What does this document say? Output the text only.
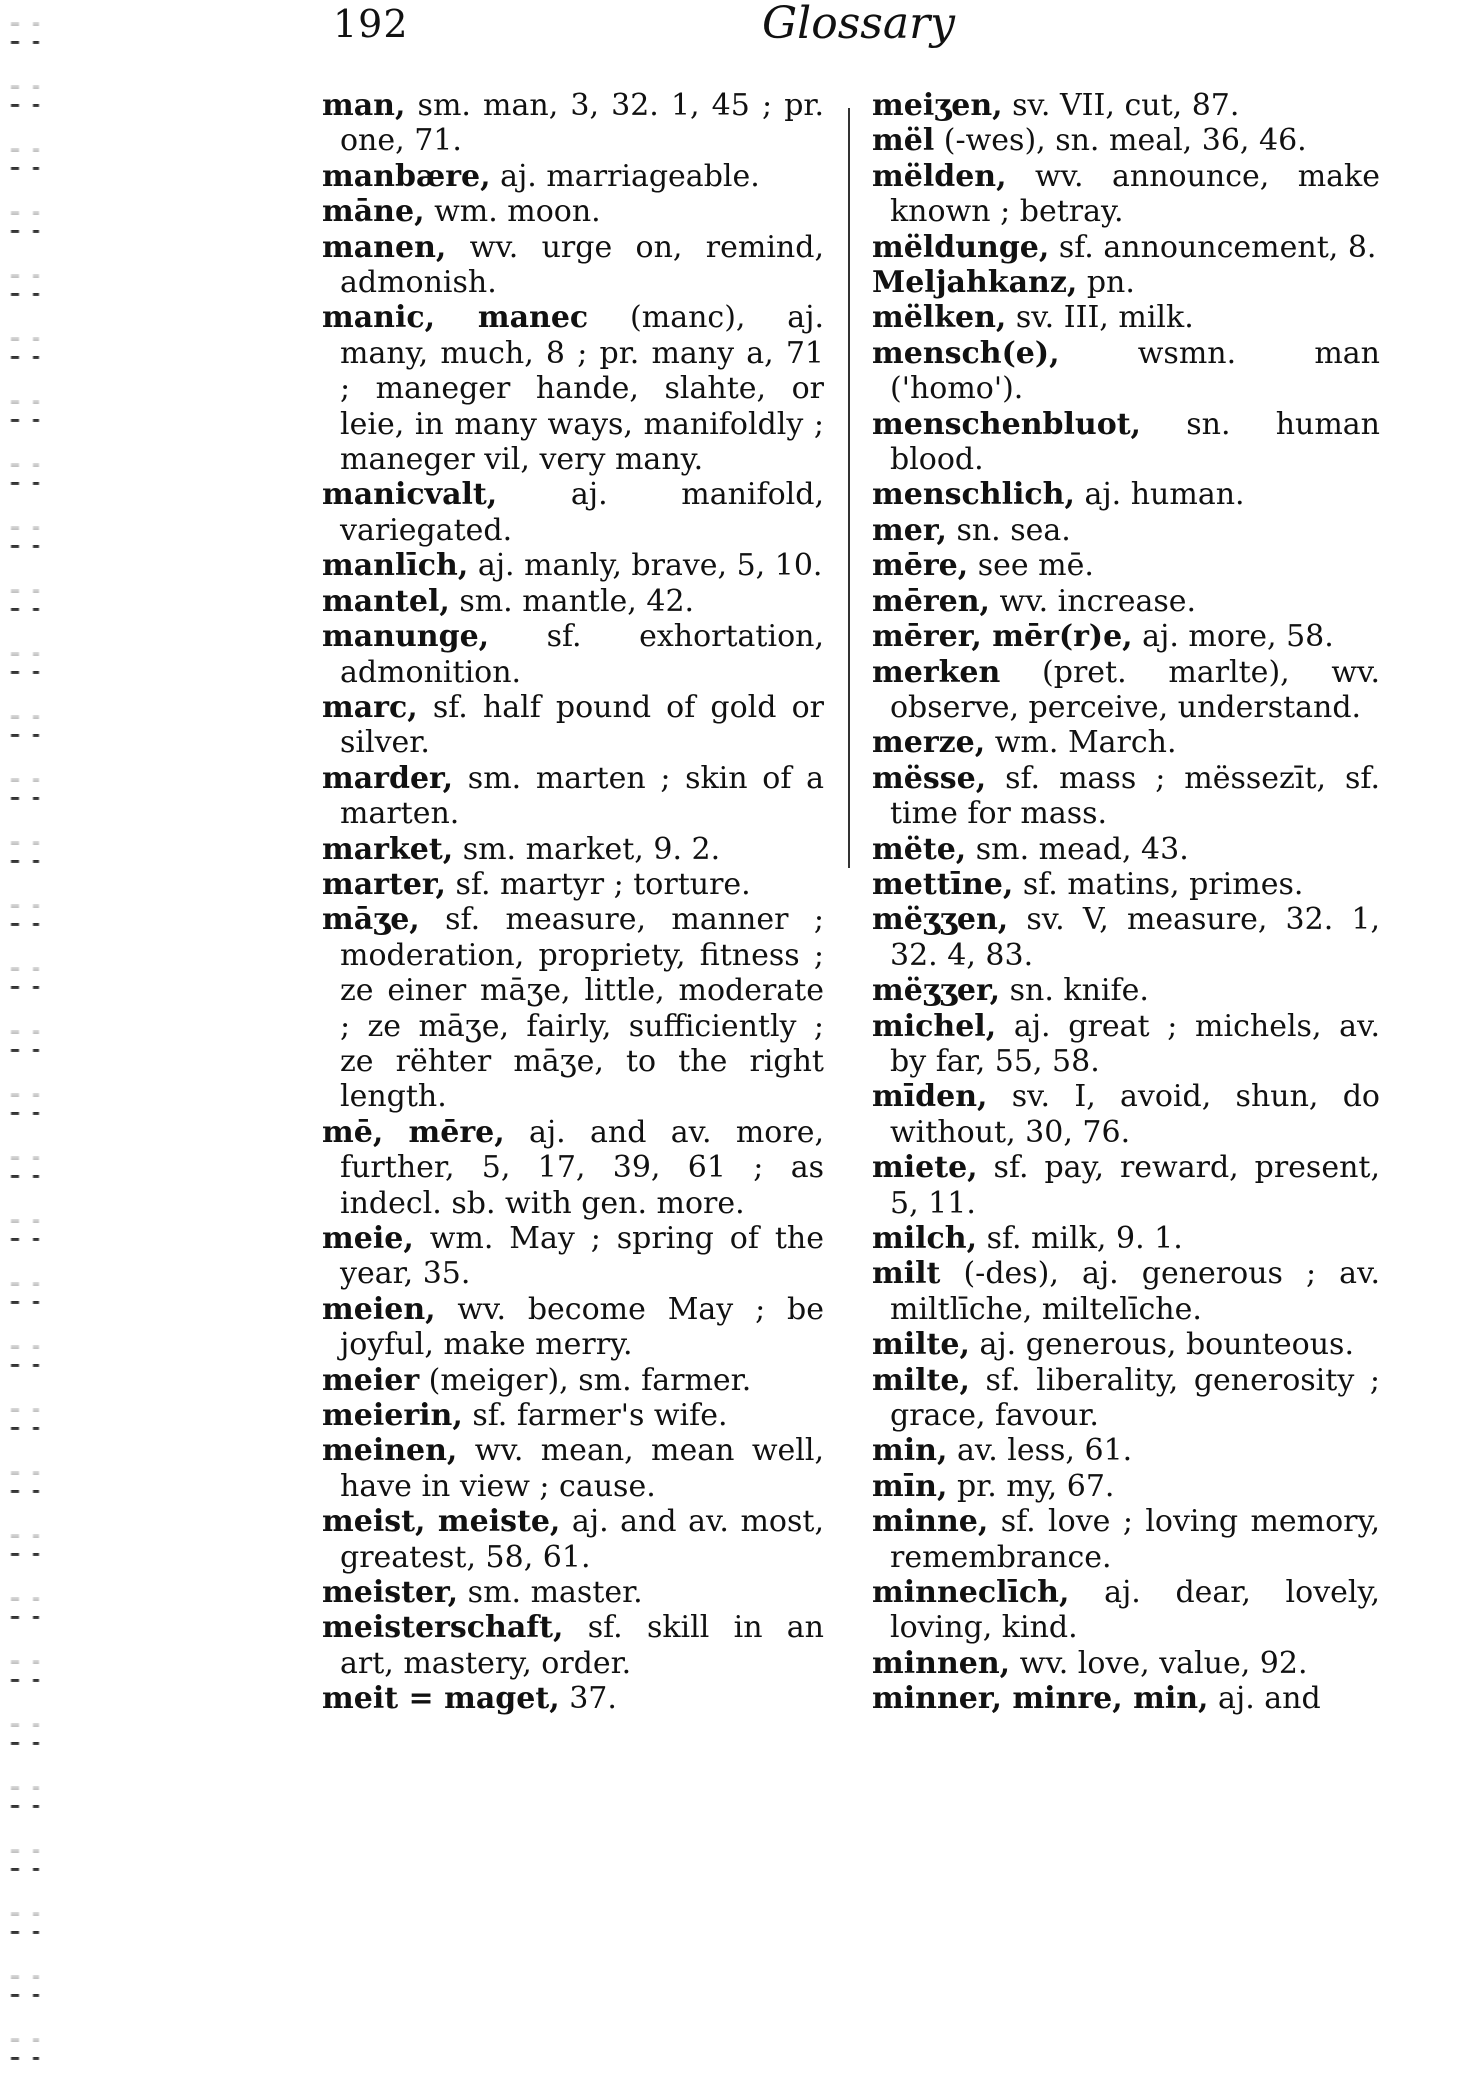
192	Glossary

man, sm. man, 3, 32. 1, 45 ; pr. one, 71.

manbære, aj. marriageable.

māne, wm. moon.

manen, wv. urge on, remind, admonish.

manic, manec (manc), aj. many, much, 8 ; pr. many a, 71 ; maneger hande, slahte, or leie, in many ways, manifoldly ; maneger vil, very many.

manicvalt, aj. manifold, variegated.

manlīch, aj. manly, brave, 5, 10.

mantel, sm. mantle, 42.

manunge, sf. exhortation, admonition.

marc, sf. half pound of gold or silver.

marder, sm. marten ; skin of a marten.

market, sm. market, 9. 2.

marter, sf. martyr ; torture.

māʒe, sf. measure, manner ; moderation, propriety, fitness ; ze einer māʒe, little, moderate ; ze māʒe, fairly, sufficiently ; ze rëhter māʒe, to the right length.

mē, mēre, aj. and av. more, further, 5, 17, 39, 61 ; as indecl. sb. with gen. more.

meie, wm. May ; spring of the year, 35.

meien, wv. become May ; be joyful, make merry.

meier (meiger), sm. farmer.

meierin, sf. farmer's wife.

meinen, wv. mean, mean well, have in view ; cause.

meist, meiste, aj. and av. most, greatest, 58, 61.

meister, sm. master.

meisterschaft, sf. skill in an art, mastery, order.

meit = maget, 37.

meiʒen, sv. VII, cut, 87.

mël (-wes), sn. meal, 36, 46.

mëlden, wv. announce, make known ; betray.

mëldunge, sf. announcement, 8.

Meljahkanz, pn.

mëlken, sv. III, milk.

mensch(e), wsmn. man ('homo').

menschenbluot, sn. human blood.

menschlich, aj. human.

mer, sn. sea.

mēre, see mē.

mēren, wv. increase.

mērer, mēr(r)e, aj. more, 58.

merken (pret. marlte), wv. observe, perceive, understand.

merze, wm. March.

mësse, sf. mass ; mëssezīt, sf. time for mass.

mëte, sm. mead, 43.

mettīne, sf. matins, primes.

mëʒʒen, sv. V, measure, 32. 1, 32. 4, 83.

mëʒʒer, sn. knife.

michel, aj. great ; michels, av. by far, 55, 58.

mīden, sv. I, avoid, shun, do without, 30, 76.

miete, sf. pay, reward, present, 5, 11.

milch, sf. milk, 9. 1.

milt (-des), aj. generous ; av. miltlīche, miltelīche.

milte, aj. generous, bounteous.

milte, sf. liberality, generosity ; grace, favour.

min, av. less, 61.

mīn, pr. my, 67.

minne, sf. love ; loving memory, remembrance.

minneclīch, aj. dear, lovely, loving, kind.

minnen, wv. love, value, 92.

minner, minre, min, aj. and
